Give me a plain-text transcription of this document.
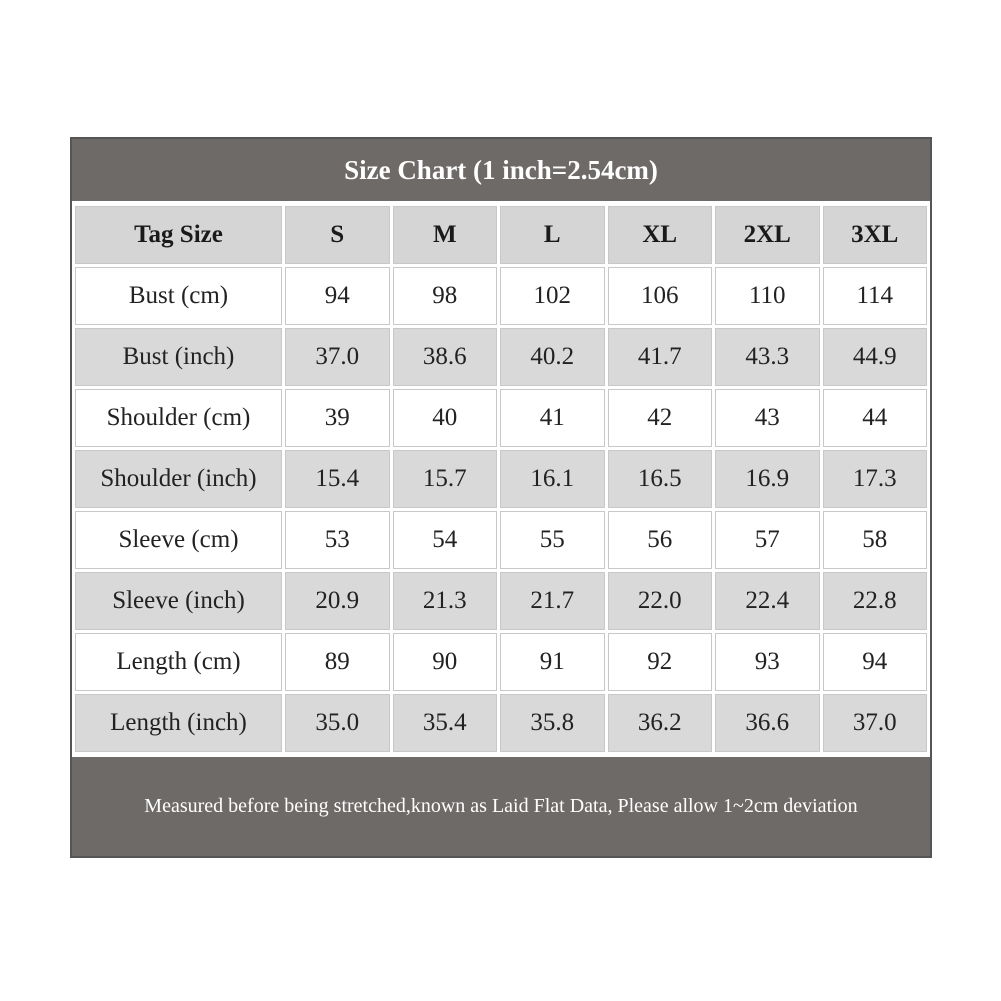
Size Chart (1 inch=2.54cm)
Tag Size	S	M	L	XL	2XL	3XL
Bust (cm)	94	98	102	106	110	114
Bust (inch)	37.0	38.6	40.2	41.7	43.3	44.9
Shoulder (cm)	39	40	41	42	43	44
Shoulder (inch)	15.4	15.7	16.1	16.5	16.9	17.3
Sleeve (cm)	53	54	55	56	57	58
Sleeve (inch)	20.9	21.3	21.7	22.0	22.4	22.8
Length (cm)	89	90	91	92	93	94
Length (inch)	35.0	35.4	35.8	36.2	36.6	37.0
Measured before being stretched,known as Laid Flat Data, Please allow 1~2cm deviation
